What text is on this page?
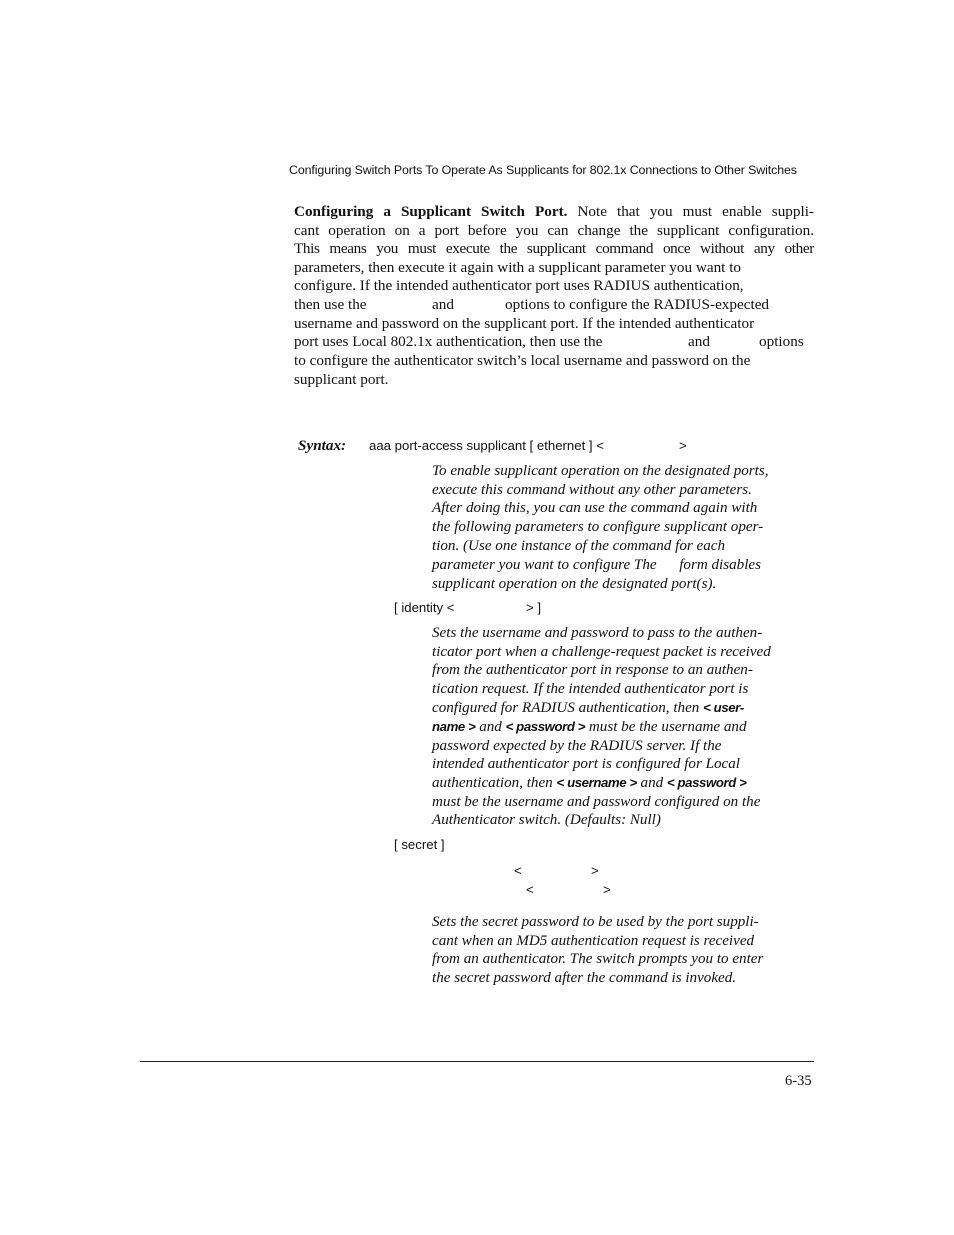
Configuring Switch Ports To Operate As Supplicants for 802.1x Connections to Other Switches
Configuring a Supplicant Switch Port. Note that you must enable suppli-
cant operation on a port before you can change the supplicant configuration.
This means you must execute the supplicant command once without any other
parameters, then execute it again with a supplicant parameter you want to
configure. If the intended authenticator port uses RADIUS authentication,
then use the	and	options to configure the RADIUS-expected
username and password on the supplicant port. If the intended authenticator
port uses Local 802.1x authentication, then use the	and	options
to configure the authenticator switch’s local username and password on the
supplicant port.
Syntax: aaa port-access supplicant [ ethernet ] <	>
To enable supplicant operation on the designated ports,
execute this command without any other parameters.
After doing this, you can use the command again with
the following parameters to configure supplicant oper-
tion. (Use one instance of the command for each
parameter you want to configure The      form disables
supplicant operation on the designated port(s).
[ identity <	> ]
Sets the username and password to pass to the authen-
ticator port when a challenge-request packet is received
from the authenticator port in response to an authen-
tication request. If the intended authenticator port is
configured for RADIUS authentication, then < user-
name > and < password > must be the username and
password expected by the RADIUS server. If the
intended authenticator port is configured for Local
authentication, then < username > and < password >
must be the username and password configured on the
Authenticator switch. (Defaults: Null)
[ secret ]
<	>
<	>
Sets the secret password to be used by the port suppli-
cant when an MD5 authentication request is received
from an authenticator. The switch prompts you to enter
the secret password after the command is invoked.
6-35
